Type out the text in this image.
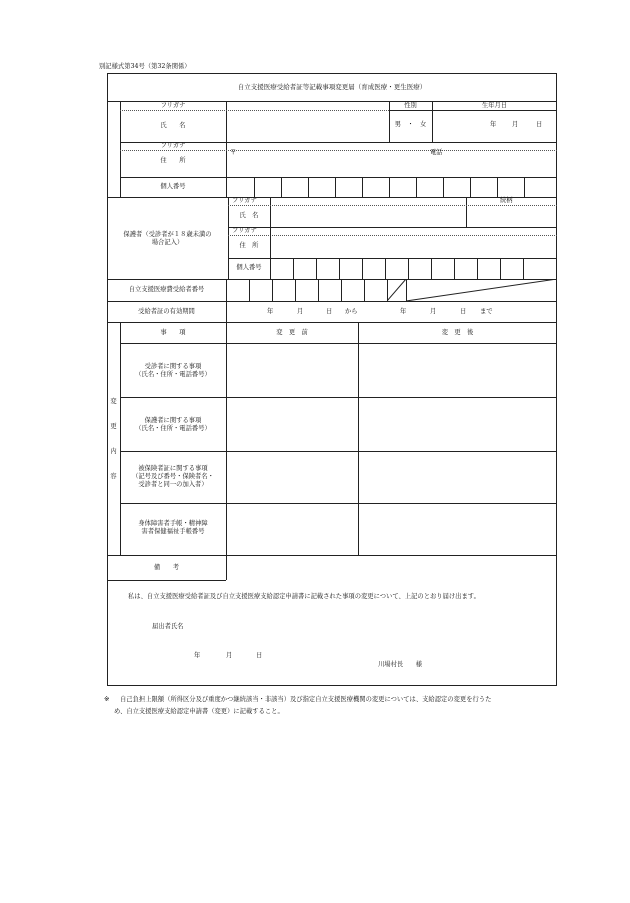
別記様式第34号（第32条関係）
自立支援医療受給者証等記載事項変更届（育成医療・更生医療）
フリガナ	性別	生年月日
氏　　名	男　・　女	年 月	日
フリガナ
〒	電話
住　　所
個人番号
保護者（受診者が１８歳未満の
場合記入）
フリガナ	続柄
氏　名
フリガナ
住　所
個人番号
自立支援医療費受給者番号
受給者証の有効期間	年	月	日 から	年	月	日 まで
変
更
内
容
事　　項	変　更　前	変　更　後
受診者に関する事項
（氏名・住所・電話番号）
保護者に関する事項
（氏名・住所・電話番号）
被保険者証に関する事項
（記号及び番号・保険者名・
受診者と同一の加入者）
身体障害者手帳・精神障
害者保健福祉手帳番号
備　　考
私は、自立支援医療受給者証及び自立支援医療支給認定申請書に記載された事項の変更について、上記のとおり届け出ます。
届出者氏名
年	月	日
川場村長　　様
※ 自己負担上限額（所得区分及び重度かつ継続該当・非該当）及び指定自立支援医療機関の変更については、支給認定の変更を行うた
め、自立支援医療支給認定申請書（変更）に記載すること。
